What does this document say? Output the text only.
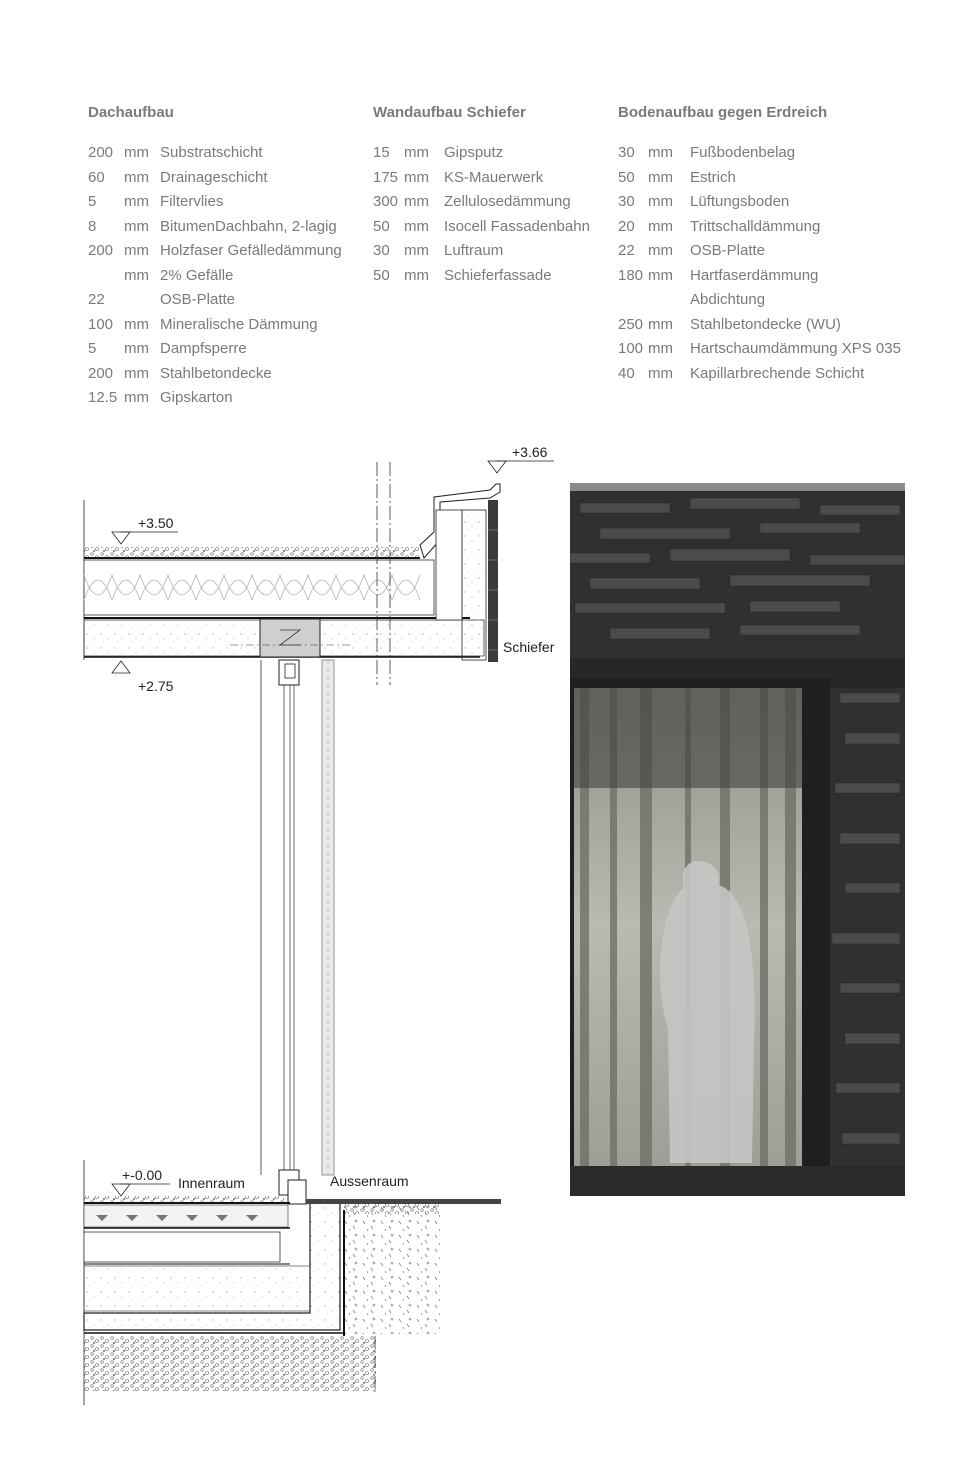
Dachaufbau
200 mm Substratschicht
60 mm Drainageschicht
5 mm Filtervlies
8 mm BitumenDachbahn, 2-lagig
200 mm Holzfaser Gefälledämmung
mm 2% Gefälle
22	OSB-Platte
100 mm Mineralische Dämmung
5 mm Dampfsperre
200 mm Stahlbetondecke
12.5 mm Gipskarton
Wandaufbau Schiefer
15 mm Gipsputz
175 mm KS-Mauerwerk
300 mm Zellulosedämmung
50 mm Isocell Fassadenbahn
30 mm Luftraum
50 mm Schieferfassade
Bodenaufbau gegen Erdreich
30 mm Fußbodenbelag
50 mm Estrich
30 mm Lüftungsboden
20 mm Trittschalldämmung
22 mm OSB-Platte
180 mm Hartfaserdämmung
Abdichtung
250 mm Stahlbetondecke (WU)
100 mm Hartschaumdämmung XPS 035
40 mm Kapillarbrechende Schicht
+3.66
+3.50
+2.75
+-0.00
Schiefer
Innenraum	Aussenraum
